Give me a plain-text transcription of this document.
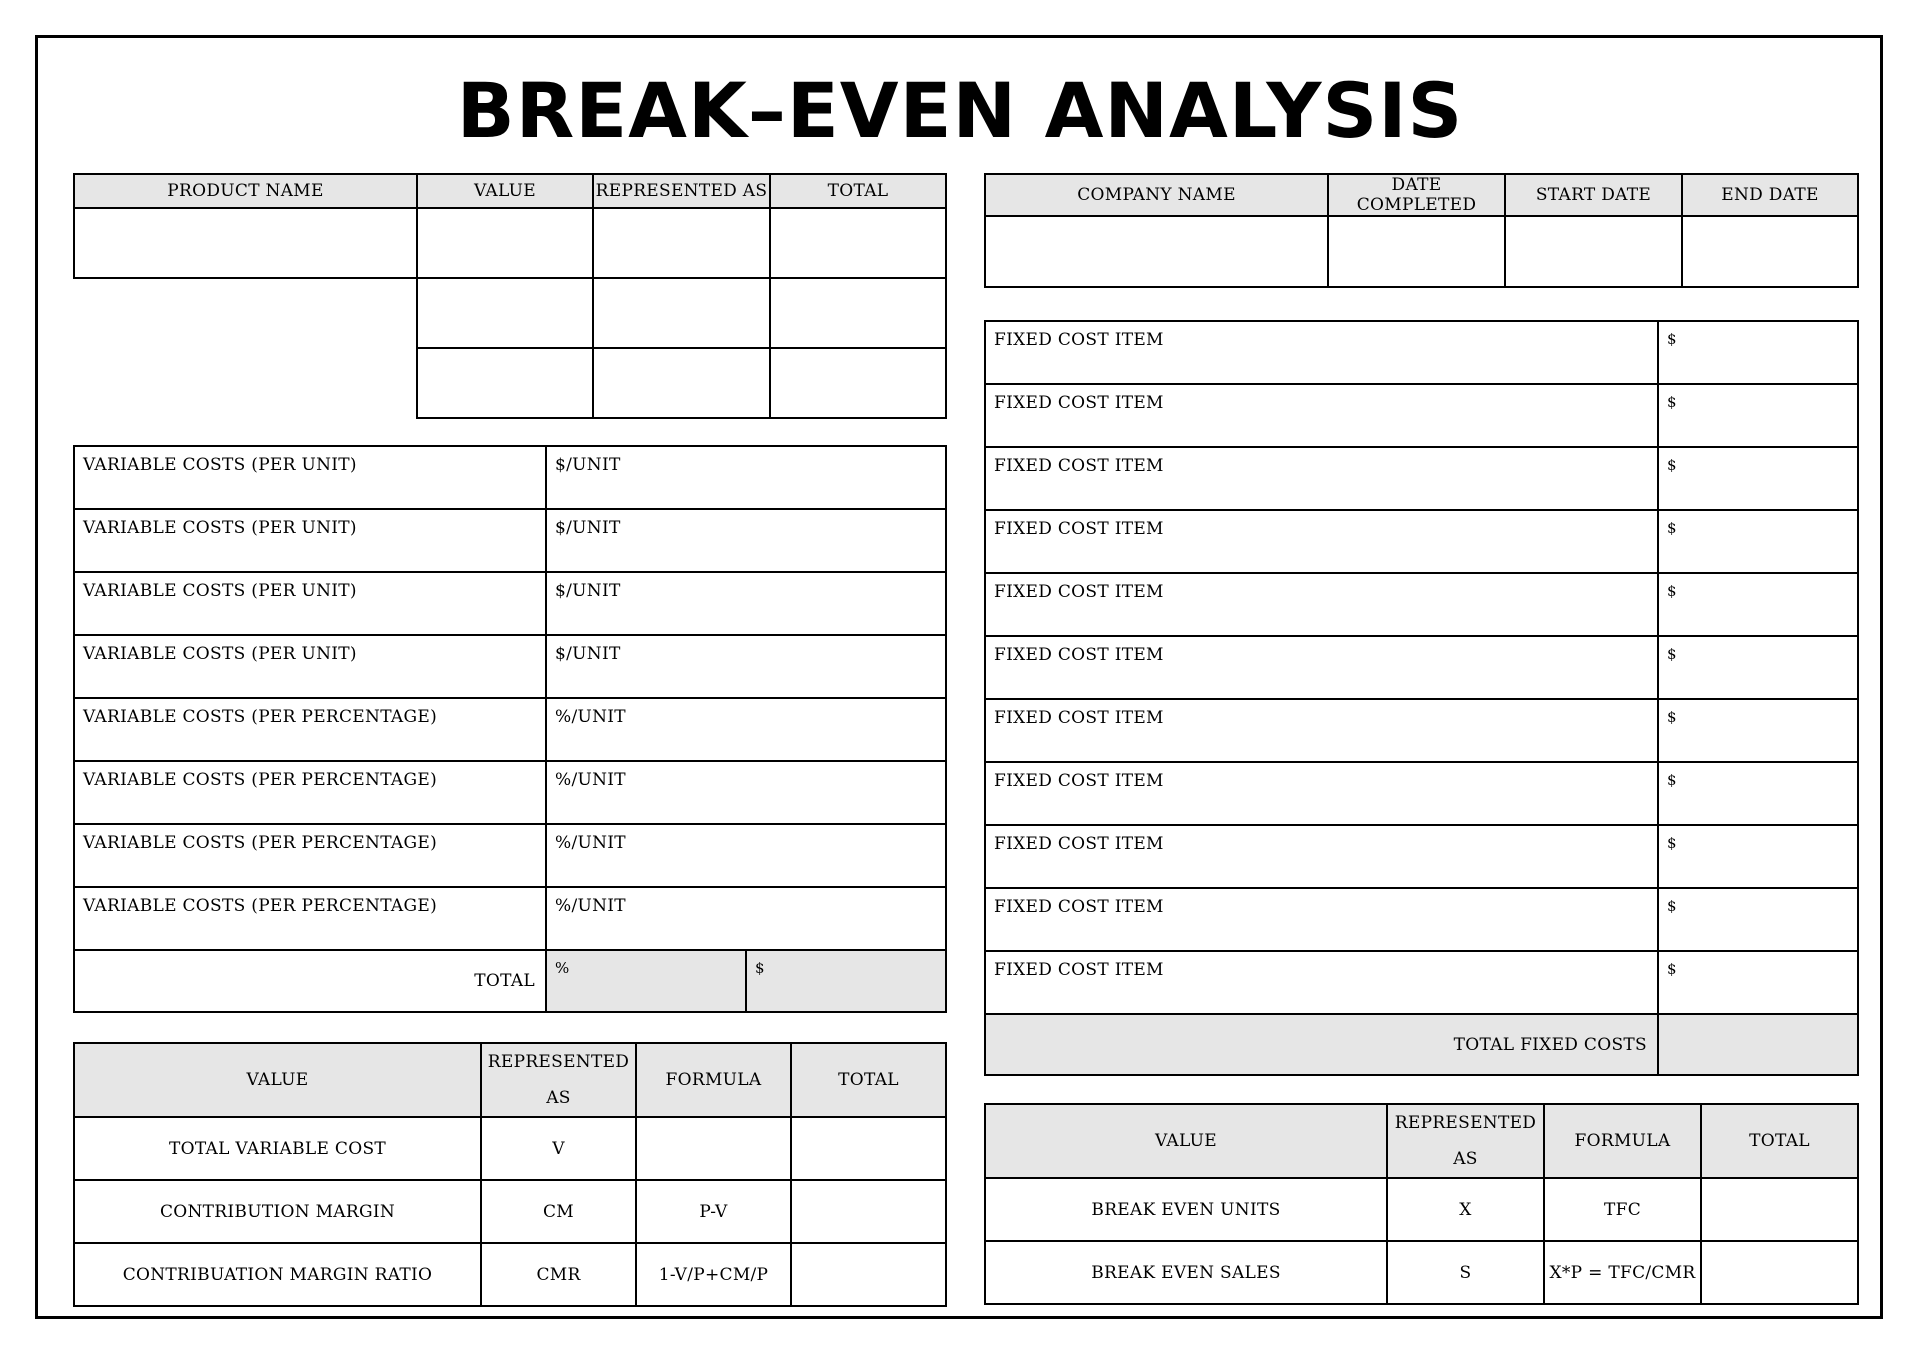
BREAK–EVEN ANALYSIS
PRODUCT NAME	VALUE	REPRESENTED AS	TOTAL

				COMPANY NAME	DATE COMPLETED	START DATE	END DATE

VARIABLE COSTS (PER UNIT)	$/UNIT	
VARIABLE COSTS (PER UNIT)	$/UNIT	
VARIABLE COSTS (PER UNIT)	$/UNIT	
VARIABLE COSTS (PER UNIT)	$/UNIT	
VARIABLE COSTS (PER PERCENTAGE)	%/UNIT	
VARIABLE COSTS (PER PERCENTAGE)	%/UNIT	
VARIABLE COSTS (PER PERCENTAGE)	%/UNIT	
VARIABLE COSTS (PER PERCENTAGE)	%/UNIT	
TOTAL	%	$
FIXED COST ITEM	$
FIXED COST ITEM	$
FIXED COST ITEM	$
FIXED COST ITEM	$
FIXED COST ITEM	$
FIXED COST ITEM	$
FIXED COST ITEM	$
FIXED COST ITEM	$
FIXED COST ITEM	$
FIXED COST ITEM	$
FIXED COST ITEM	$
TOTAL FIXED COSTS	
VALUE	REPRESENTED AS	FORMULA	TOTAL
TOTAL VARIABLE COST	V		
CONTRIBUTION MARGIN	CM	P-V	
CONTRIBUATION MARGIN RATIO	CMR	1-V/P+CM/P	
VALUE	REPRESENTED AS	FORMULA	TOTAL
BREAK EVEN UNITS	X	TFC	
BREAK EVEN SALES	S	X*P = TFC/CMR	
